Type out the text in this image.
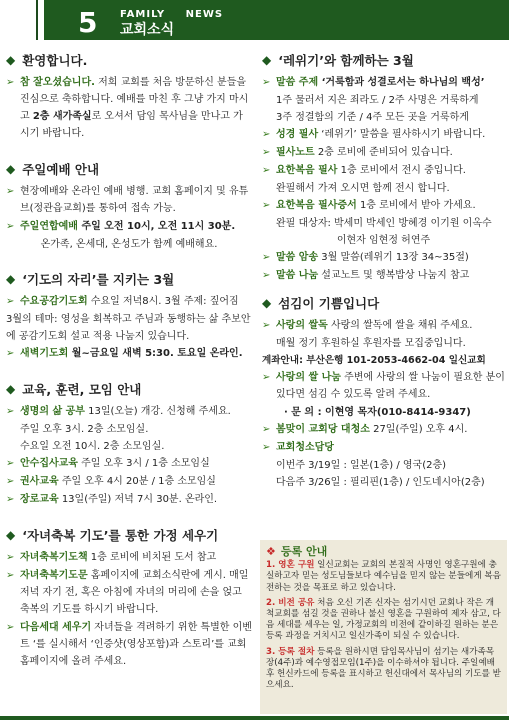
5 FAMILY NEWS
교회소식
◆ 환영합니다.
➢ 참 잘오셨습니다. 저희 교회를 처음 방문하신 분들을 진심으로 축하합니다. 예배를 마친 후 그냥 가지 마시고 2층 새가족실로 오셔서 담임 목사님을 만나고 가시기 바랍니다.
◆ 주일예배 안내
➢ 현장예배와 온라인 예배 병행. 교회 홈페이지 및 유튜브(정관읍교회)를 통하여 접속 가능.
➢ 주일연합예배 주일 오전 10시, 오전 11시 30분.
온가족, 온세대, 온성도가 함께 예배해요.
◆ ‘기도의 자리’를 지키는 3월
➢ 수요공감기도회 수요일 저녁8시. 3월 주제: 짚어짐
3월의 테마: 영성을 회복하고 주님과 동행하는 삶 추보안에 공감기도회 설교 적용 나눔지 있습니다.
➢ 새벽기도회 월~금요일 새벽 5:30. 토요일 온라인.
◆ 교육, 훈련, 모임 안내
➢ 생명의 삶 공부 13일(오늘) 개강. 신청해 주세요.
주일 오후 3시. 2층 소모임실.
수요일 오전 10시. 2층 소모임실.
➢ 안수집사교육 주일 오후 3시 / 1층 소모임실
➢ 권사교육 주일 오후 4시 20분 / 1층 소모임실
➢ 장로교육 13일(주일) 저녁 7시 30분. 온라인.
◆ ‘자녀축복 기도’를 통한 가정 세우기
➢ 자녀축복기도책 1층 로비에 비치된 도서 참고
➢ 자녀축복기도문 홈페이지에 교회소식란에 게시. 매일 저녁 자기 전, 혹은 아침에 자녀의 머리에 손을 얹고 축복의 기도를 하시기 바랍니다.
➢ 다음세대 세우기 자녀들을 격려하기 위한 특별한 이벤트 ‘를 실시해서 ‘인증샷(영상포함)과 스토리’를 교회 홈페이지에 올려 주세요.
◆ ‘레위기’와 함께하는 3월
➢ 말씀 주제 ‘거룩함과 성결로서는 하나님의 백성’
1주 물러서 지은 죄라도 / 2주 사명은 거룩하게
3주 정결함의 기준 / 4주 모든 곳을 거룩하게
➢ 성경 필사 ‘레위기’ 말씀을 필사하시기 바랍니다.
➢ 필사노트 2층 로비에 준비되어 있습니다.
➢ 요한복음 필사 1층 로비에서 전시 중입니다.
완필해서 가져 오시면 함께 전시 합니다.
➢ 요한복음 필사증서 1층 로비에서 받아 가세요.
완필 대상자: 박세미 박세인 방혜경 이기원 이옥수
이현자 임현정 허연주
➢ 말씀 암송 3월 말씀(레위기 13장 34~35절)
➢ 말씀 나눔 설교노트 및 행복밥상 나눔지 참고
◆ 섬김이 기쁨입니다
➢ 사랑의 쌀독 사랑의 쌀독에 쌀을 채워 주세요.
매월 정기 후원하실 후원자를 모집중입니다.
계좌안내: 부산은행 101-2053-4662-04 일신교회
➢ 사랑의 쌀 나눔 주변에 사랑의 쌀 나눔이 필요한 분이 있다면 섬김 수 있도록 알려 주세요.
· 문 의 : 이현영 목자(010-8414-9347)
➢ 봄맞이 교회당 대청소 27일(주일) 오후 4시.
➢ 교회청소담당
이번주 3/19일 : 일본(1층) / 영국(2층)
다음주 3/26일 : 필리핀(1층) / 인도네시아(2층)
❖ 등록 안내

1. 영혼 구원 일신교회는 교회의 본질적 사명인 영혼구원에 충실하고자 믿는 성도님들보다 예수님을 믿지 않는 분들에게 복음 전하는 것을 목표로 하고 있습니다.

2. 비전 공유 처음 오신 기존 신자는 섬기시던 교회나 작은 개척교회를 섬길 것을 권하나 불신 영혼을 구원하여 제자 삼고, 다음 세대를 세우는 일, 가정교회의 비전에 같이하길 원하는 분은 등록 과정을 거치시고 일신가족이 되실 수 있습니다.

3. 등록 절차 등록을 원하시면 담임목사님이 섬기는 새가족목장(4주)과 예수영접모임(1주)을 이수하셔야 됩니다. 주일예배후 헌신카드에 등록을 표시하고 헌신대에서 목사님의 기도를 받으세요.
